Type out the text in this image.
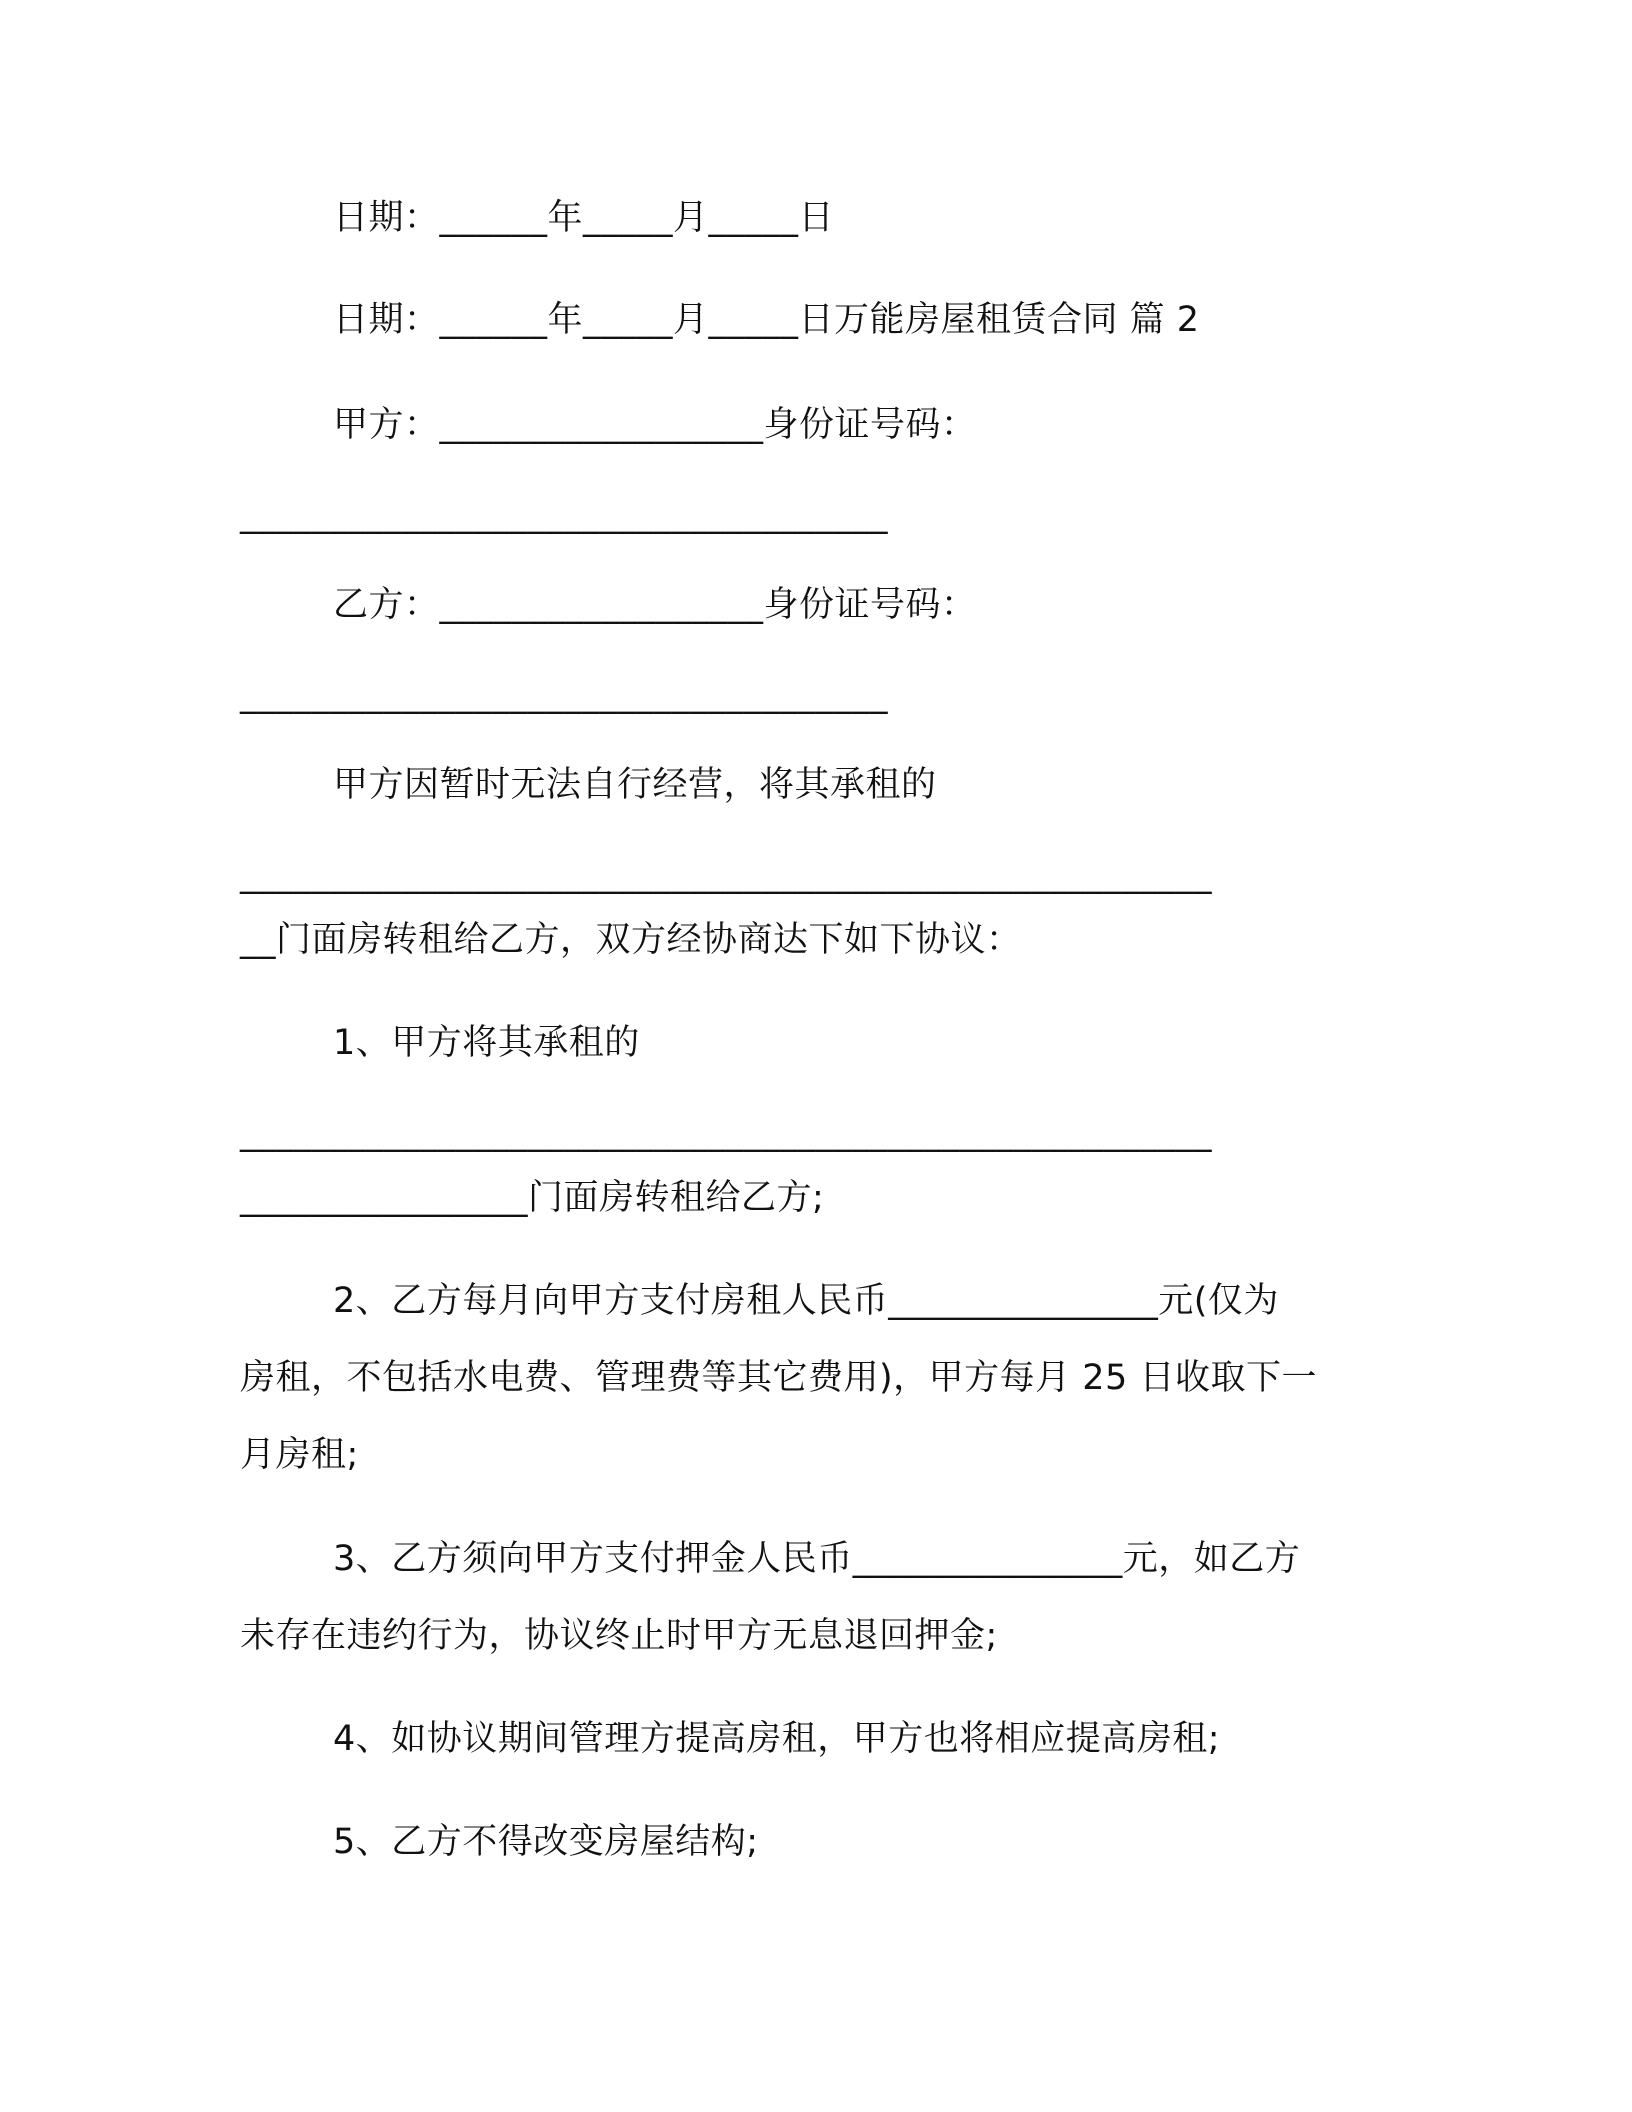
日期：______年_____月_____日
日期：______年_____月_____日万能房屋租赁合同 篇 2
甲方：__________________身份证号码：
____________________________________
乙方：__________________身份证号码：
____________________________________
甲方因暂时无法自行经营，将其承租的
______________________________________________________
__门面房转租给乙方，双方经协商达下如下协议：
1、甲方将其承租的
______________________________________________________
________________门面房转租给乙方;
2、乙方每月向甲方支付房租人民币_______________元(仅为
房租，不包括水电费、管理费等其它费用)，甲方每月 25 日收取下一
月房租;
3、乙方须向甲方支付押金人民币_______________元，如乙方
未存在违约行为，协议终止时甲方无息退回押金;
4、如协议期间管理方提高房租，甲方也将相应提高房租;
5、乙方不得改变房屋结构;
